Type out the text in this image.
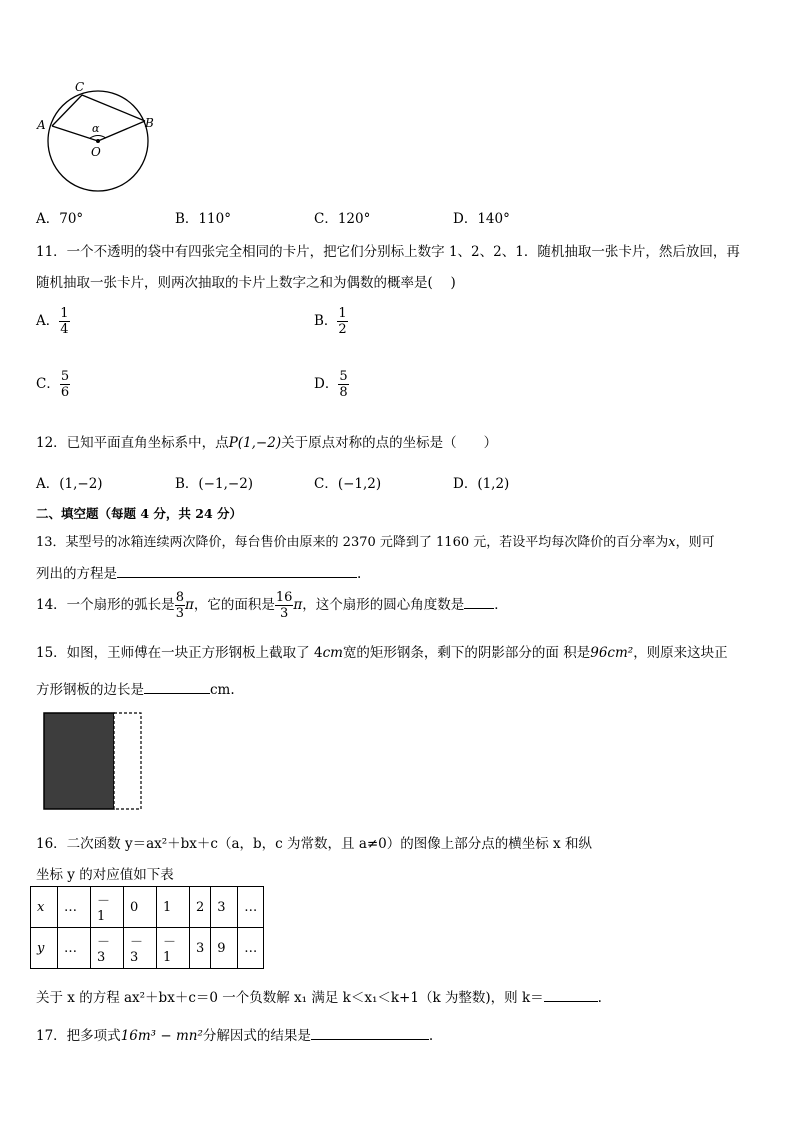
C
A	B
α
O
A．70°	B．110°	C．120°	D．140°
11．一个不透明的袋中有四张完全相同的卡片，把它们分别标上数字 1、2、2、1．随机抽取一张卡片，然后放回，再
随机抽取一张卡片，则两次抽取的卡片上数字之和为偶数的概率是(　 )
A． $\frac{1}{4}$	B． $\frac{1}{2}$
C． $\frac{5}{6}$	D． $\frac{5}{8}$
12．已知平面直角坐标系中，点P(1,−2)关于原点对称的点的坐标是（　　）
A．(1,−2)	B．(−1,−2)	C．(−1,2)	D．(1,2)
二、填空题（每题 4 分，共 24 分）
13．某型号的冰箱连续两次降价，每台售价由原来的 2370 元降到了 1160 元，若设平均每次降价的百分率为x，则可
列出的方程是	.
14．一个扇形的弧长是 $\frac{8}{3}$ π，它的面积是 $\frac{16}{3}$ π，这个扇形的圆心角度数是 ．
15．如图，王师傅在一块正方形钢板上截取了 4cm宽的矩形钢条，剩下的阴影部分的面 积是96cm²，则原来这块正
方形钢板的边长是	cm.
16．二次函数 y＝ax²＋bx＋c（a，b，c 为常数，且 a≠0）的图像上部分点的横坐标 x 和纵
坐标 y 的对应值如下表
x	…	－1	0	1	2	3	…
y	…	－3	－3	－1	3	9	…
关于 x 的方程 ax²＋bx＋c＝0 一个负数解 x₁ 满足 k＜x₁＜k+1（k 为整数)，则 k＝	.
17．把多项式16m³ − mn²分解因式的结果是	.
